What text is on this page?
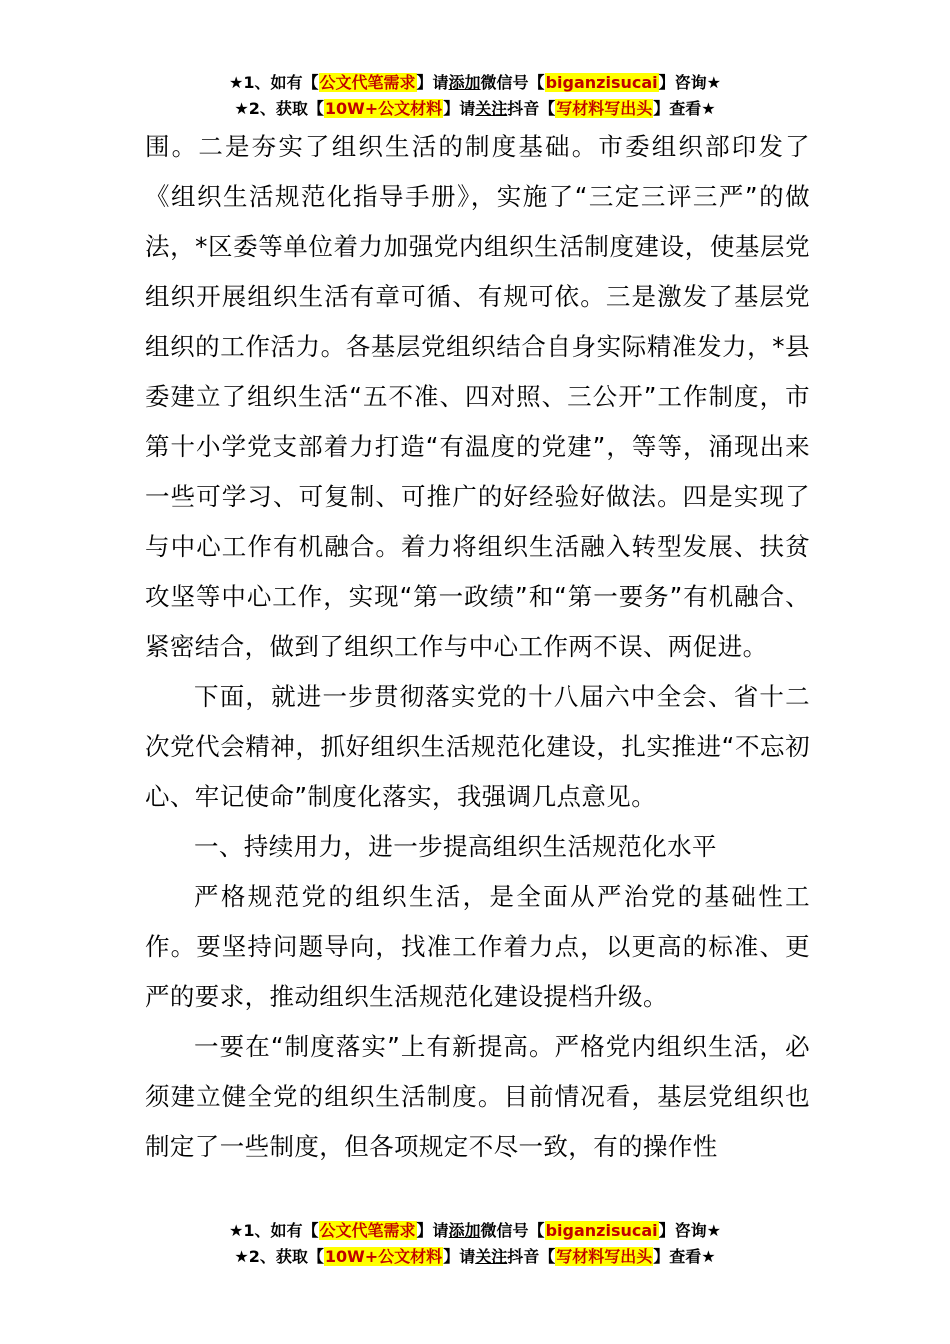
★1、如有【公文代笔需求】请添加微信号【biganzisucai】咨询★
★2、获取【10W+公文材料】请关注抖音【写材料写出头】查看★

围。二是夯实了组织生活的制度基础。市委组织部印发了《组织生活规范化指导手册》，实施了“三定三评三严”的做法，*区委等单位着力加强党内组织生活制度建设，使基层党组织开展组织生活有章可循、有规可依。三是激发了基层党组织的工作活力。各基层党组织结合自身实际精准发力，*县委建立了组织生活“五不准、四对照、三公开”工作制度，市第十小学党支部着力打造“有温度的党建”，等等，涌现出来一些可学习、可复制、可推广的好经验好做法。四是实现了与中心工作有机融合。着力将组织生活融入转型发展、扶贫攻坚等中心工作，实现“第一政绩”和“第一要务”有机融合、紧密结合，做到了组织工作与中心工作两不误、两促进。

下面，就进一步贯彻落实党的十八届六中全会、省十二次党代会精神，抓好组织生活规范化建设，扎实推进“不忘初心、牢记使命”制度化落实，我强调几点意见。

一、持续用力，进一步提高组织生活规范化水平

严格规范党的组织生活，是全面从严治党的基础性工作。要坚持问题导向，找准工作着力点，以更高的标准、更严的要求，推动组织生活规范化建设提档升级。

一要在“制度落实”上有新提高。严格党内组织生活，必须建立健全党的组织生活制度。目前情况看，基层党组织也制定了一些制度，但各项规定不尽一致，有的操作性

★1、如有【公文代笔需求】请添加微信号【biganzisucai】咨询★
★2、获取【10W+公文材料】请关注抖音【写材料写出头】查看★
